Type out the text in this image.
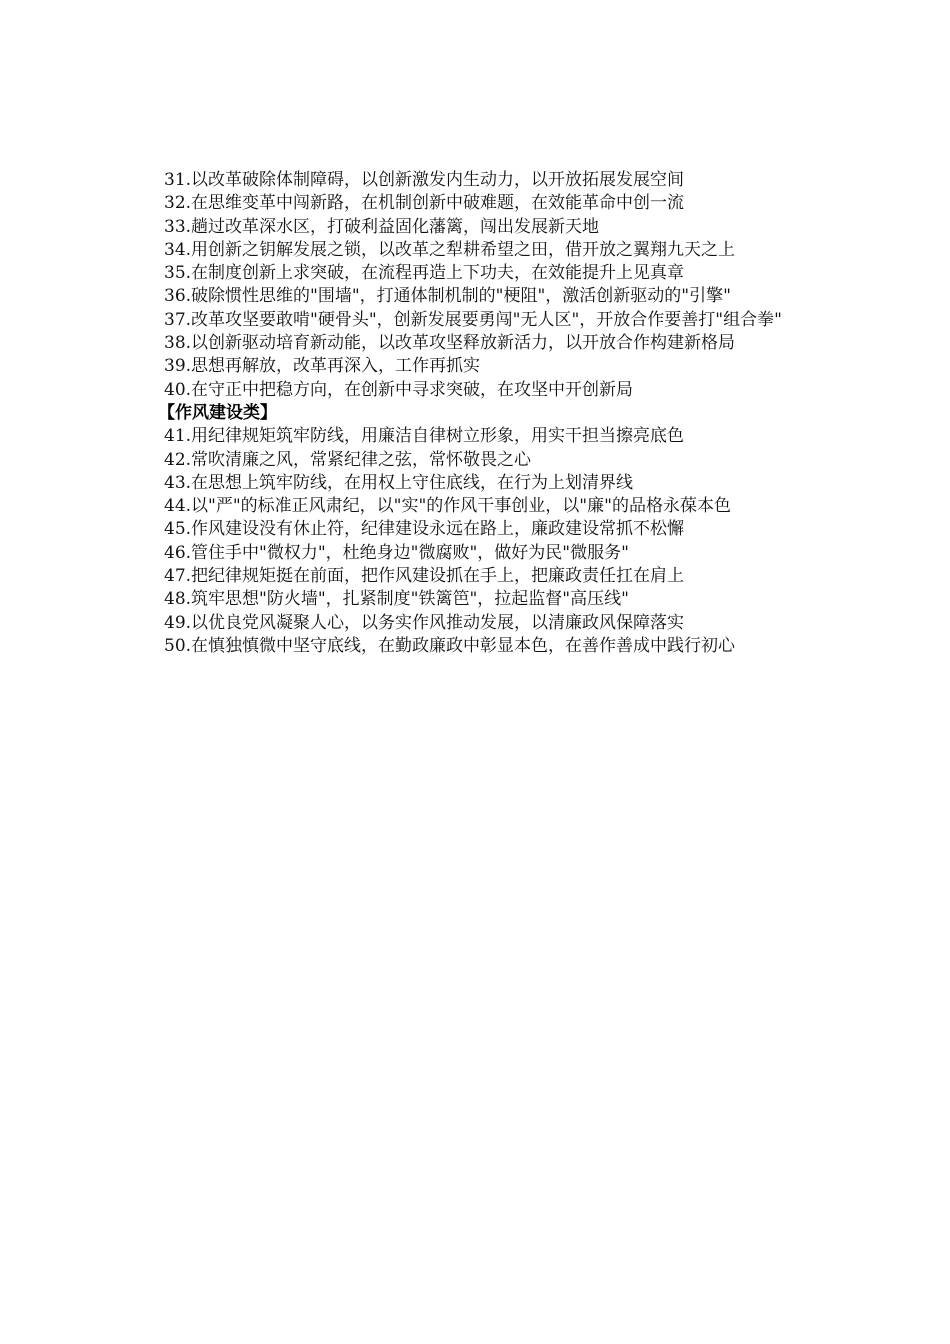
31.以改革破除体制障碍，以创新激发内生动力，以开放拓展发展空间

32.在思维变革中闯新路，在机制创新中破难题，在效能革命中创一流

33.趟过改革深水区，打破利益固化藩篱，闯出发展新天地

34.用创新之钥解发展之锁，以改革之犁耕希望之田，借开放之翼翔九天之上

35.在制度创新上求突破，在流程再造上下功夫，在效能提升上见真章

36.破除惯性思维的"围墙"，打通体制机制的"梗阻"，激活创新驱动的"引擎"

37.改革攻坚要敢啃"硬骨头"，创新发展要勇闯"无人区"，开放合作要善打"组合拳"

38.以创新驱动培育新动能，以改革攻坚释放新活力，以开放合作构建新格局

39.思想再解放，改革再深入，工作再抓实

40.在守正中把稳方向，在创新中寻求突破，在攻坚中开创新局

【作风建设类】

41.用纪律规矩筑牢防线，用廉洁自律树立形象，用实干担当擦亮底色

42.常吹清廉之风，常紧纪律之弦，常怀敬畏之心

43.在思想上筑牢防线，在用权上守住底线，在行为上划清界线

44.以"严"的标准正风肃纪，以"实"的作风干事创业，以"廉"的品格永葆本色

45.作风建设没有休止符，纪律建设永远在路上，廉政建设常抓不松懈

46.管住手中"微权力"，杜绝身边"微腐败"，做好为民"微服务"

47.把纪律规矩挺在前面，把作风建设抓在手上，把廉政责任扛在肩上

48.筑牢思想"防火墙"，扎紧制度"铁篱笆"，拉起监督"高压线"

49.以优良党风凝聚人心，以务实作风推动发展，以清廉政风保障落实

50.在慎独慎微中坚守底线，在勤政廉政中彰显本色，在善作善成中践行初心
